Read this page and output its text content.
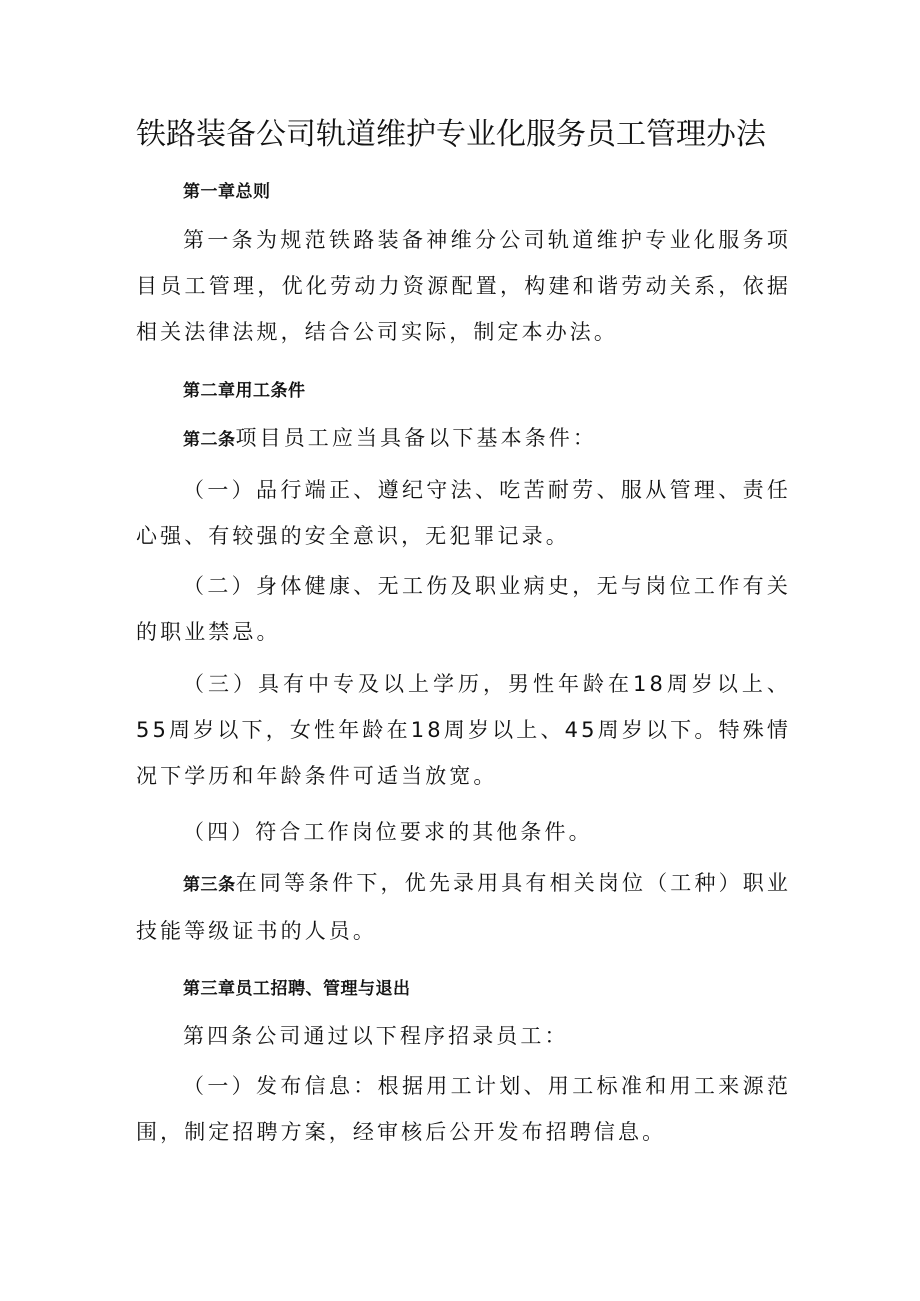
铁路装备公司轨道维护专业化服务员工管理办法
第一章总则
第一条为规范铁路装备神维分公司轨道维护专业化服务项目员工管理，优化劳动力资源配置，构建和谐劳动关系，依据相关法律法规，结合公司实际，制定本办法。
第二章用工条件
第二条项目员工应当具备以下基本条件：
（一）品行端正、遵纪守法、吃苦耐劳、服从管理、责任心强、有较强的安全意识，无犯罪记录。
（二）身体健康、无工伤及职业病史，无与岗位工作有关的职业禁忌。
（三）具有中专及以上学历，男性年龄在18周岁以上、55周岁以下，女性年龄在18周岁以上、45周岁以下。特殊情况下学历和年龄条件可适当放宽。
（四）符合工作岗位要求的其他条件。
第三条在同等条件下，优先录用具有相关岗位（工种）职业技能等级证书的人员。
第三章员工招聘、管理与退出
第四条公司通过以下程序招录员工：
（一）发布信息：根据用工计划、用工标准和用工来源范围，制定招聘方案，经审核后公开发布招聘信息。
